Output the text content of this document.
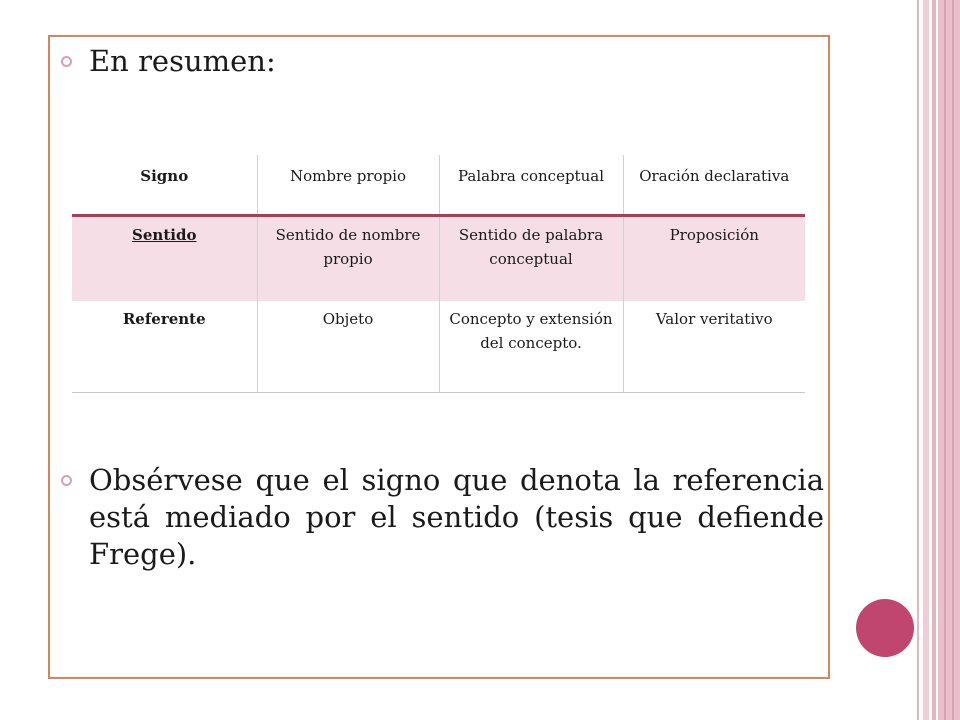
En resumen:
Signo	Nombre propio	Palabra conceptual	Oración declarativa
Sentido	Sentido de nombre propio	Sentido de palabra conceptual	Proposición
Referente	Objeto	Concepto y extensión del concepto.	Valor veritativo
Obsérvese que el signo que denota la referencia está mediado por el sentido (tesis que defiende Frege).
